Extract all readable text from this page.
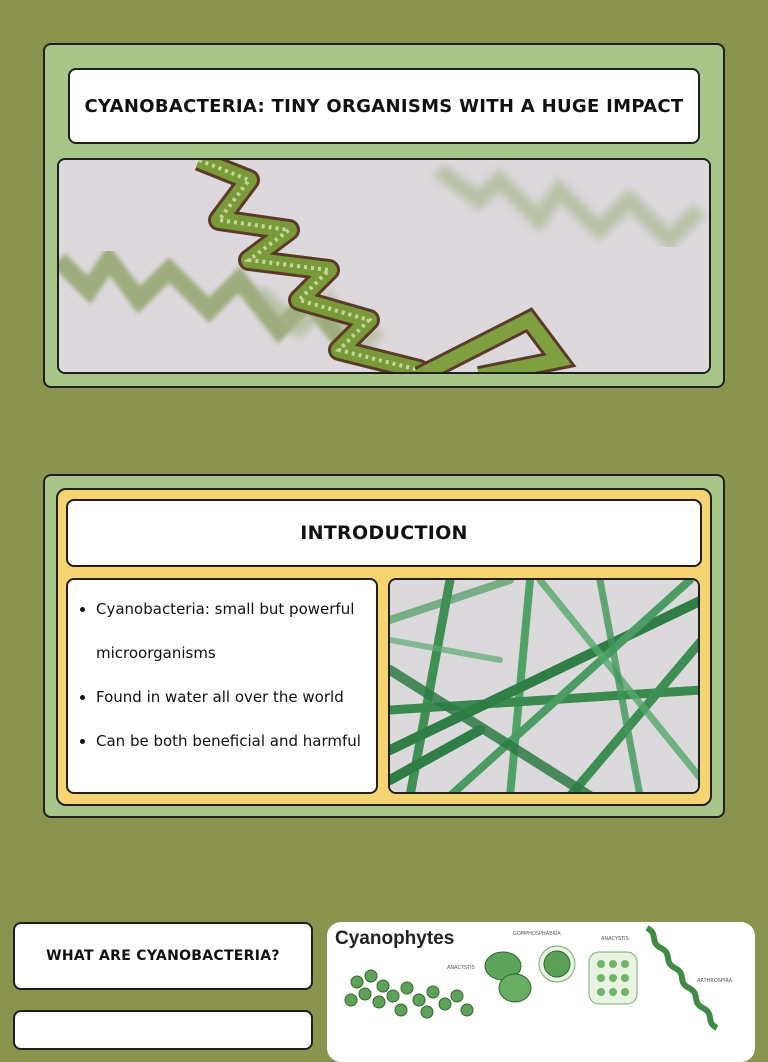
CYANOBACTERIA: TINY ORGANISMS WITH A HUGE IMPACT
INTRODUCTION
• Cyanobacteria: small but powerful
microorganisms
• Found in water all over the world
• Can be both beneficial and harmful
WHAT ARE CYANOBACTERIA?
Cyanophytes	GOMPHOSPHAERIA
ANACYSTIS
ANACYSTIS
ARTHROSPIRA
